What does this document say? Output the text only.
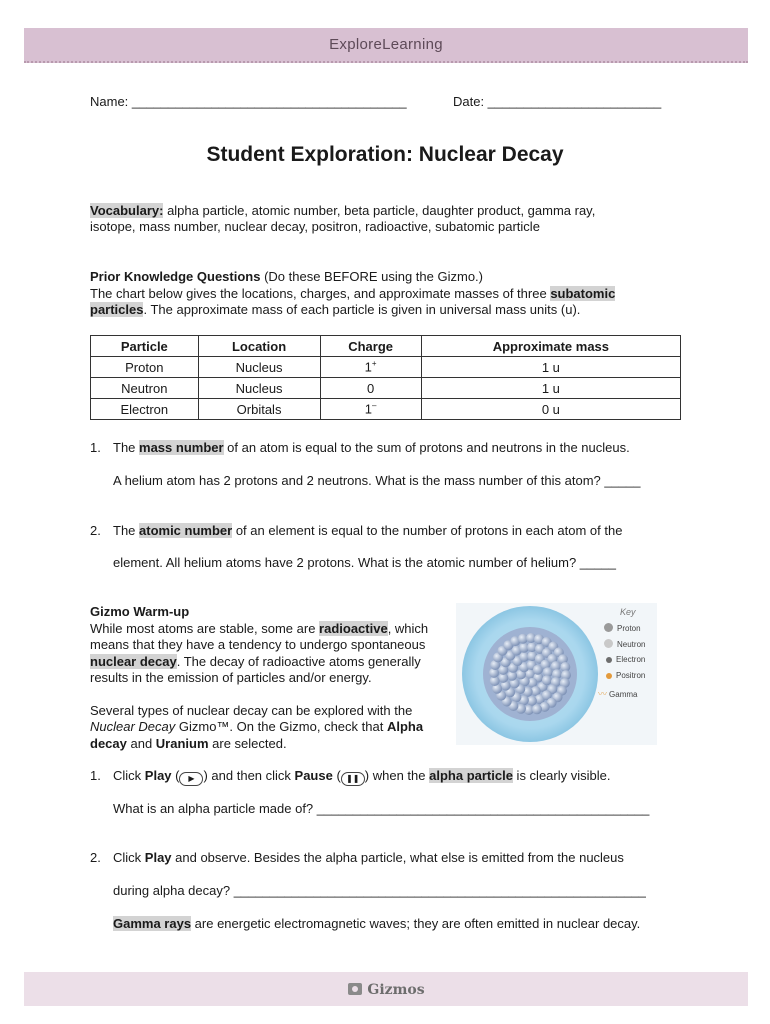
ExploreLearning
Name: ______________________________________	Date: ________________________
Student Exploration: Nuclear Decay
Vocabulary: alpha particle, atomic number, beta particle, daughter product, gamma ray,
isotope, mass number, nuclear decay, positron, radioactive, subatomic particle
Prior Knowledge Questions (Do these BEFORE using the Gizmo.)
The chart below gives the locations, charges, and approximate masses of three subatomic
particles. The approximate mass of each particle is given in universal mass units (u).
Particle	Location	Charge	Approximate mass
Proton	Nucleus	1+	1 u
Neutron	Nucleus	0	1 u
Electron	Orbitals	1–	0 u
1. The mass number of an atom is equal to the sum of protons and neutrons in the nucleus.
A helium atom has 2 protons and 2 neutrons. What is the mass number of this atom? _____
2. The atomic number of an element is equal to the number of protons in each atom of the
element. All helium atoms have 2 protons. What is the atomic number of helium? _____
Gizmo Warm-up
While most atoms are stable, some are radioactive, which
means that they have a tendency to undergo spontaneous
nuclear decay. The decay of radioactive atoms generally
results in the emission of particles and/or energy.
Several types of nuclear decay can be explored with the
Nuclear Decay Gizmo™. On the Gizmo, check that Alpha
decay and Uranium are selected.
Key
Proton
Neutron
Electron
Positron
〰 Gamma
1. Click Play ( ▶ ) and then click Pause ( ❚❚ ) when the alpha particle is clearly visible.
What is an alpha particle made of? ______________________________________________
2. Click Play and observe. Besides the alpha particle, what else is emitted from the nucleus
during alpha decay? _________________________________________________________
Gamma rays are energetic electromagnetic waves; they are often emitted in nuclear decay.
Gizmos
